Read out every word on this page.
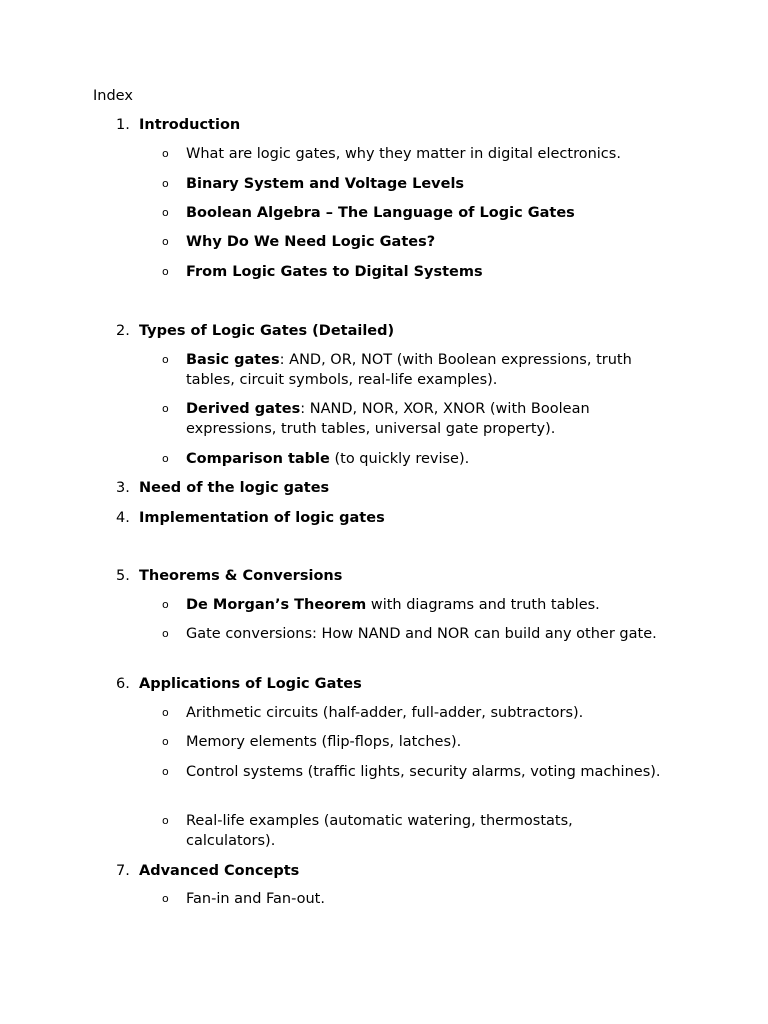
Index
1. Introduction
o What are logic gates, why they matter in digital electronics.
o Binary System and Voltage Levels
o Boolean Algebra – The Language of Logic Gates
o Why Do We Need Logic Gates?
o From Logic Gates to Digital Systems
2. Types of Logic Gates (Detailed)
o Basic gates: AND, OR, NOT (with Boolean expressions, truth tables, circuit symbols, real-life examples).
o Derived gates: NAND, NOR, XOR, XNOR (with Boolean expressions, truth tables, universal gate property).
o Comparison table (to quickly revise).
3. Need of the logic gates
4. Implementation of logic gates
5. Theorems & Conversions
o De Morgan’s Theorem with diagrams and truth tables.
o Gate conversions: How NAND and NOR can build any other gate.
6. Applications of Logic Gates
o Arithmetic circuits (half-adder, full-adder, subtractors).
o Memory elements (flip-flops, latches).
o Control systems (traffic lights, security alarms, voting machines).
o Real-life examples (automatic watering, thermostats, calculators).
7. Advanced Concepts
o Fan-in and Fan-out.
